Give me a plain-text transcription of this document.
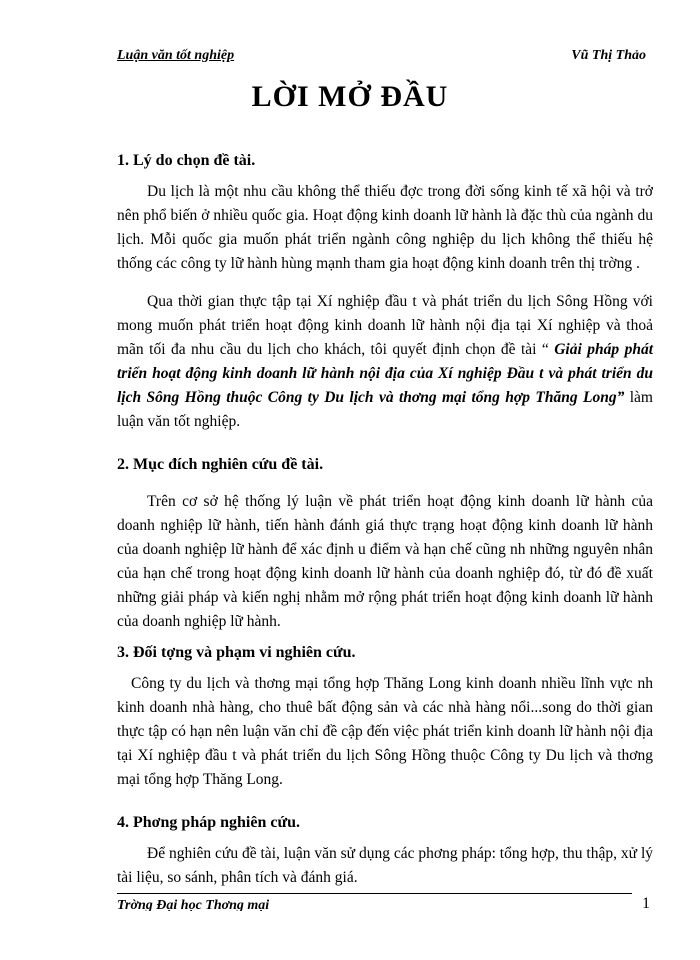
Luận văn tốt nghiệp	Vũ Thị Thảo
LỜI MỞ ĐẦU

1. Lý do chọn đề tài.

Du lịch là một nhu cầu không thể thiếu đợc trong đời sống kinh tế xã hội và trở nên phổ biến ở nhiều quốc gia. Hoạt động kinh doanh lữ hành là đặc thù của ngành du lịch. Mỗi quốc gia muốn phát triển ngành công nghiệp du lịch không thể thiếu hệ thống các công ty lữ hành hùng mạnh tham gia hoạt động kinh doanh trên thị trờng .

Qua thời gian thực tập tại Xí nghiệp đầu t và phát triển du lịch Sông Hồng với mong muốn phát triển hoạt động kinh doanh lữ hành nội địa tại Xí nghiệp và thoả mãn tối đa nhu cầu du lịch cho khách, tôi quyết định chọn đề tài “ Giải pháp phát triển hoạt động kinh doanh lữ hành nội địa của Xí nghiệp Đầu t và phát triển du lịch Sông Hồng thuộc Công ty Du lịch và thơng mại tổng hợp Thăng Long” làm luận văn tốt nghiệp.

2. Mục đích nghiên cứu đề tài.

Trên cơ sở hệ thống lý luận về phát triển hoạt động kinh doanh lữ hành của doanh nghiệp lữ hành, tiến hành đánh giá thực trạng hoạt động kinh doanh lữ hành của doanh nghiệp lữ hành để xác định u điểm và hạn chế cũng nh những nguyên nhân của hạn chế trong hoạt động kinh doanh lữ hành của doanh nghiệp đó, từ đó đề xuất những giải pháp và kiến nghị nhằm mở rộng phát triển hoạt động kinh doanh lữ hành của doanh nghiệp lữ hành.

3. Đối tợng và phạm vi nghiên cứu.

Công ty du lịch và thơng mại tổng hợp Thăng Long kinh doanh nhiều lĩnh vực nh kinh doanh nhà hàng, cho thuê bất động sản và các nhà hàng nổi...song do thời gian thực tập có hạn nên luận văn chỉ đề cập đến việc phát triển kinh doanh lữ hành nội địa tại Xí nghiệp đầu t và phát triển du lịch Sông Hồng thuộc Công ty Du lịch và thơng mại tổng hợp Thăng Long.

4. Phơng pháp nghiên cứu.

Để nghiên cứu đề tài, luận văn sử dụng các phơng pháp: tổng hợp, thu thập, xử lý tài liệu, so sánh, phân tích và đánh giá.

Trờng Đại học Thơng mại	1
